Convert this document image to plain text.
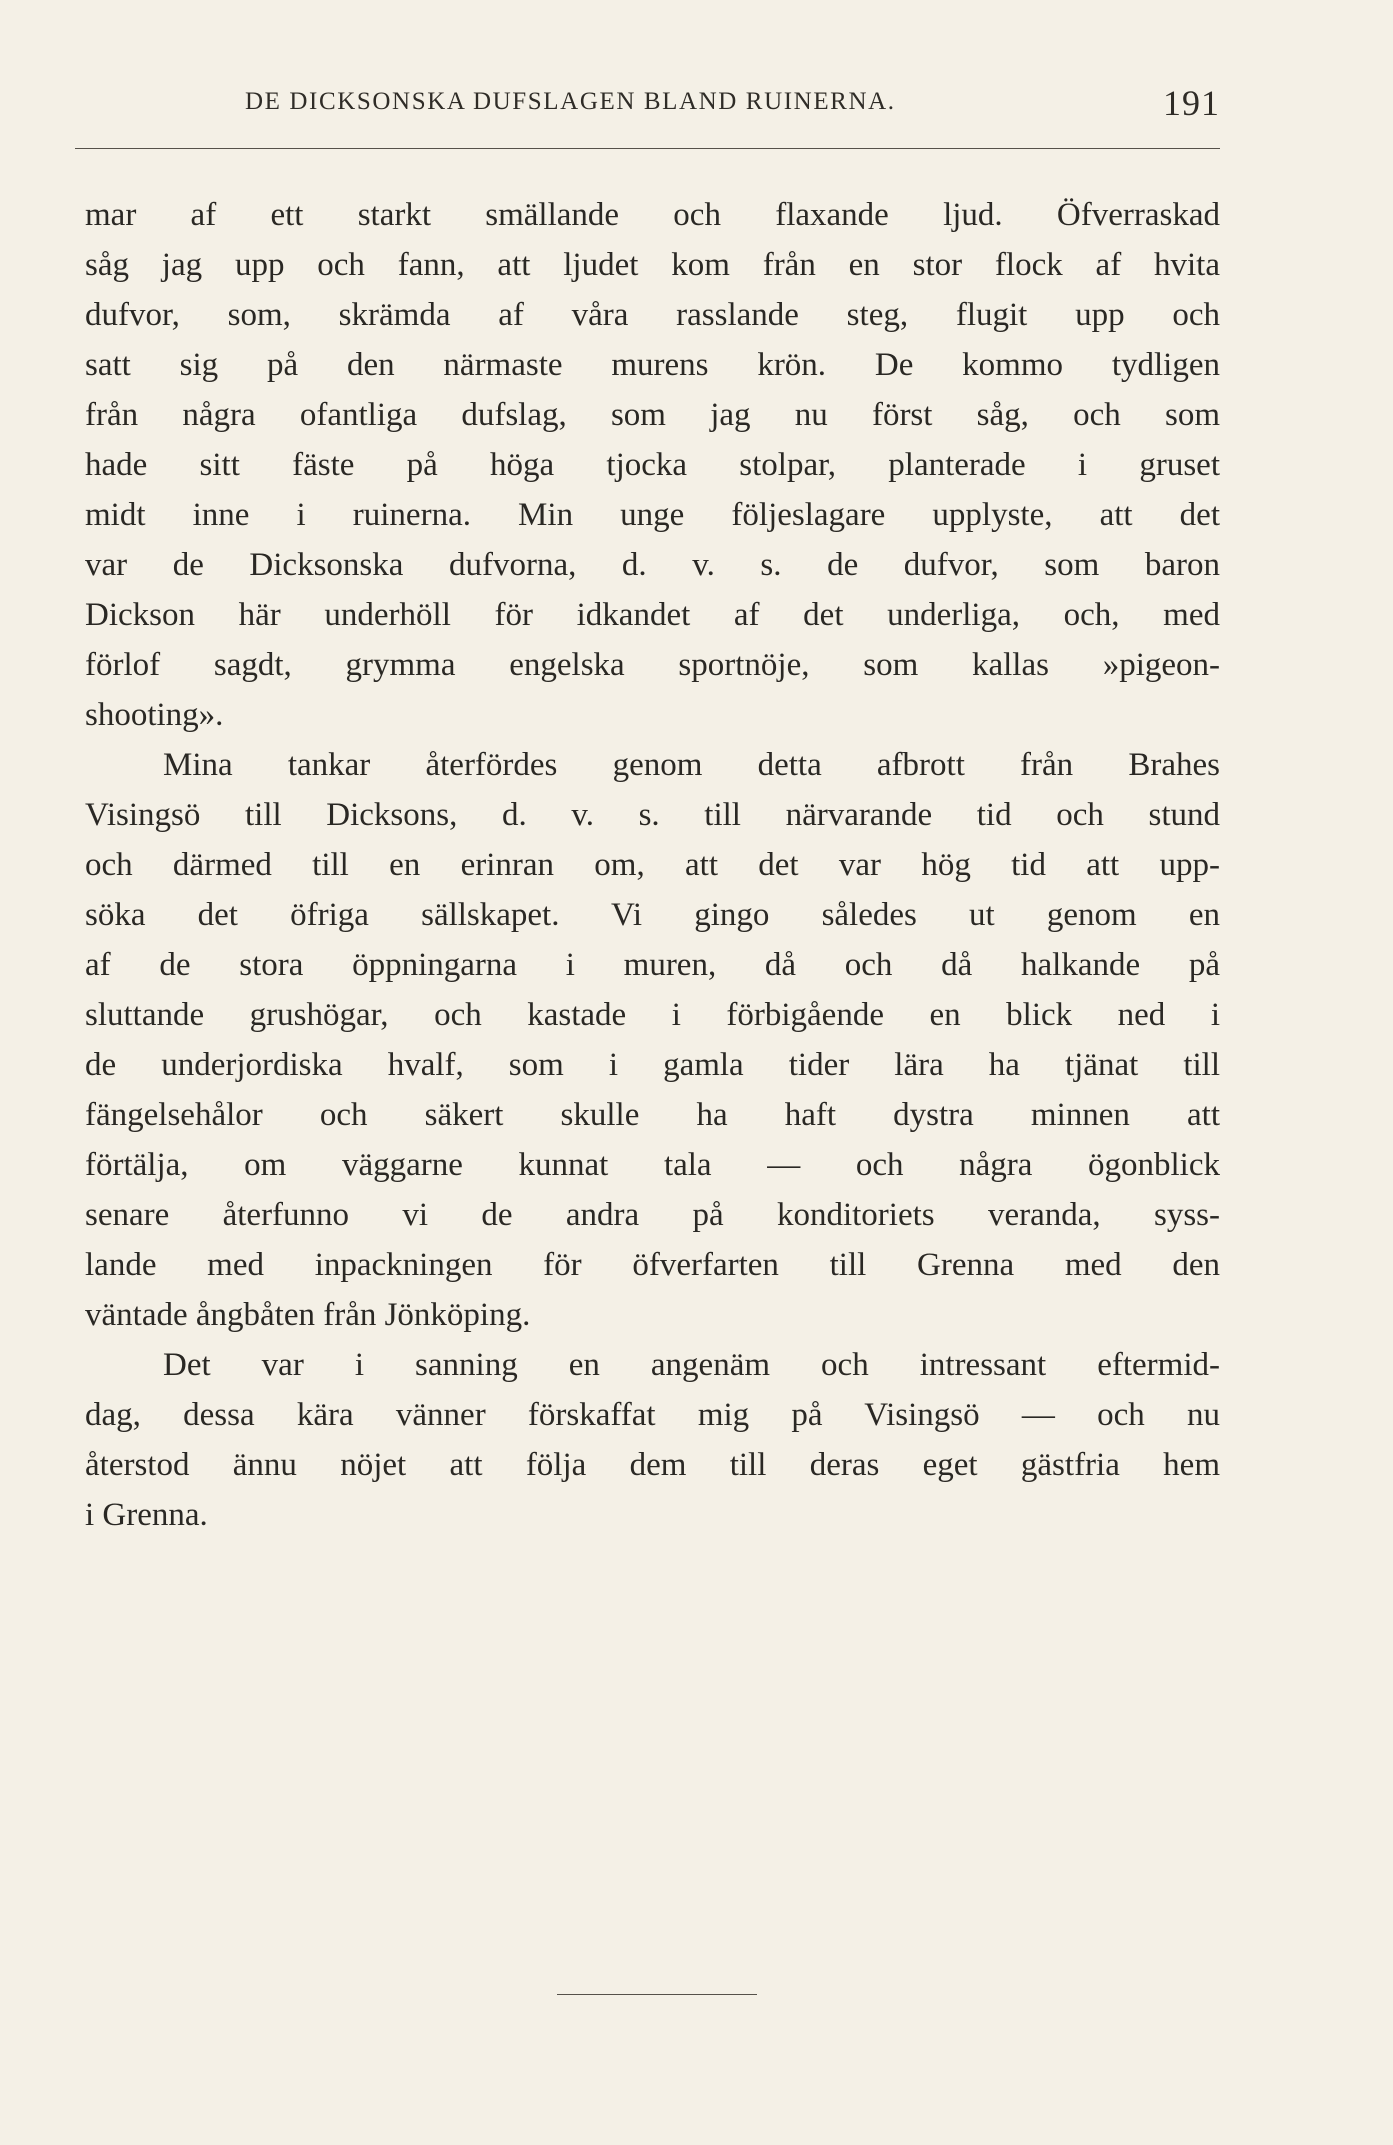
DE DICKSONSKA DUFSLAGEN BLAND RUINERNA.	191
mar af ett starkt smällande och flaxande ljud. Öfverraskad
såg jag upp och fann, att ljudet kom från en stor flock af hvita
dufvor, som, skrämda af våra rasslande steg, flugit upp och
satt sig på den närmaste murens krön. De kommo tydligen
från några ofantliga dufslag, som jag nu först såg, och som
hade sitt fäste på höga tjocka stolpar, planterade i gruset
midt inne i ruinerna. Min unge följeslagare upplyste, att det
var de Dicksonska dufvorna, d. v. s. de dufvor, som baron
Dickson här underhöll för idkandet af det underliga, och, med
förlof sagdt, grymma engelska sportnöje, som kallas »pigeon-
shooting».
Mina tankar återfördes genom detta afbrott från Brahes
Visingsö till Dicksons, d. v. s. till närvarande tid och stund
och därmed till en erinran om, att det var hög tid att upp-
söka det öfriga sällskapet. Vi gingo således ut genom en
af de stora öppningarna i muren, då och då halkande på
sluttande grushögar, och kastade i förbigående en blick ned i
de underjordiska hvalf, som i gamla tider lära ha tjänat till
fängelsehålor och säkert skulle ha haft dystra minnen att
förtälja, om väggarne kunnat tala — och några ögonblick
senare återfunno vi de andra på konditoriets veranda, syss-
lande med inpackningen för öfverfarten till Grenna med den
väntade ångbåten från Jönköping.
Det var i sanning en angenäm och intressant eftermid-
dag, dessa kära vänner förskaffat mig på Visingsö — och nu
återstod ännu nöjet att följa dem till deras eget gästfria hem
i Grenna.
